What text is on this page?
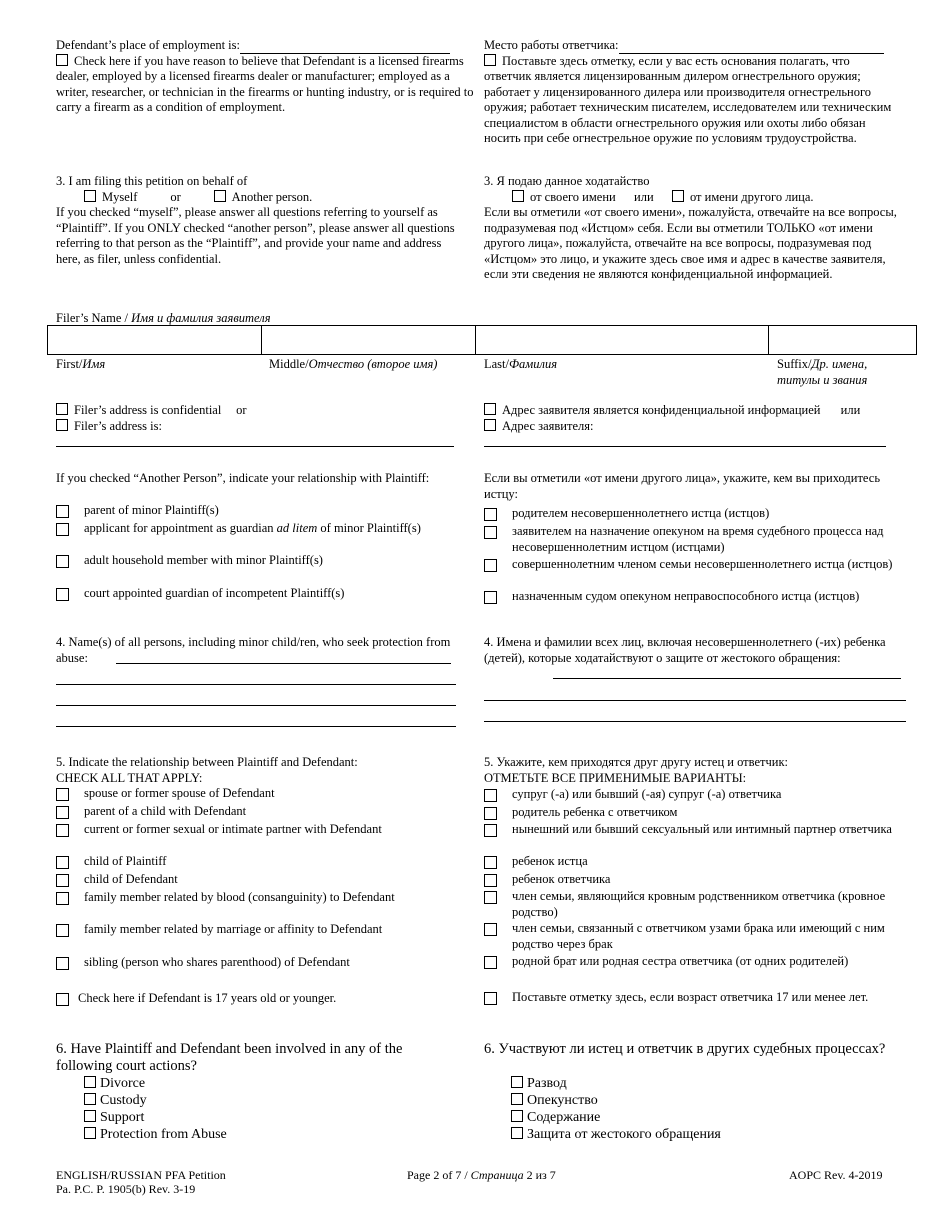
Defendant’s place of employment is:
Check here if you have reason to believe that Defendant is a licensed firearms dealer, employed by a licensed firearms dealer or manufacturer; employed as a writer, researcher, or technician in the firearms or hunting industry, or is required to carry a firearm as a condition of employment.
Место работы ответчика:
Поставьте здесь отметку, если у вас есть основания полагать, что ответчик является лицензированным дилером огнестрельного оружия; работает у лицензированного дилера или производителя огнестрельного оружия; работает техническим писателем, исследователем или техническим специалистом в области огнестрельного оружия или охоты либо обязан носить при себе огнестрельное оружие по условиям трудоустройства.
3. I am filing this petition on behalf of
Myself	or	Another person.
If you checked “myself”, please answer all questions referring to yourself as “Plaintiff”. If you ONLY checked “another person”, please answer all questions referring to that person as the “Plaintiff”, and provide your name and address here, as filer, unless confidential.
3. Я подаю данное ходатайство
от своего имени или	от имени другого лица.
Если вы отметили «от своего имени», пожалуйста, отвечайте на все вопросы, подразумевая под «Истцом» себя. Если вы отметили ТОЛЬКО «от имени другого лица», пожалуйста, отвечайте на все вопросы, подразумевая под «Истцом» это лицо, и укажите здесь свое имя и адрес в качестве заявителя, если эти сведения не являются конфиденциальной информацией.
Filer’s Name / Имя и фамилия заявителя
First/Имя	Middle/Отчество (второе имя)	Last/Фамилия	Suffix/Др. имена, титулы и звания
Filer’s address is confidential or
Filer’s address is:
Адрес заявителя является конфиденциальной информацией или
Адрес заявителя:
If you checked “Another Person”, indicate your relationship with Plaintiff:
parent of minor Plaintiff(s)
applicant for appointment as guardian ad litem of minor Plaintiff(s)
adult household member with minor Plaintiff(s)
court appointed guardian of incompetent Plaintiff(s)
Если вы отметили «от имени другого лица», укажите, кем вы приходитесь истцу:
родителем несовершеннолетнего истца (истцов)
заявителем на назначение опекуном на время судебного процесса над несовершеннолетним истцом (истцами)
совершеннолетним членом семьи несовершеннолетнего истца (истцов)
назначенным судом опекуном неправоспособного истца (истцов)
4. Name(s) of all persons, including minor child/ren, who seek protection from abuse:
4. Имена и фамилии всех лиц, включая несовершеннолетнего (-их) ребенка (детей), которые ходатайствуют о защите от жестокого обращения:
5. Indicate the relationship between Plaintiff and Defendant:
CHECK ALL THAT APPLY:
spouse or former spouse of Defendant
parent of a child with Defendant
current or former sexual or intimate partner with Defendant
child of Plaintiff
child of Defendant
family member related by blood (consanguinity) to Defendant
family member related by marriage or affinity to Defendant
sibling (person who shares parenthood) of Defendant
Check here if Defendant is 17 years old or younger.
5. Укажите, кем приходятся друг другу истец и ответчик:
ОТМЕТЬТЕ ВСЕ ПРИМЕНИМЫЕ ВАРИАНТЫ:
супруг (-а) или бывший (-ая) супруг (-а) ответчика
родитель ребенка с ответчиком
нынешний или бывший сексуальный или интимный партнер ответчика
ребенок истца
ребенок ответчика
член семьи, являющийся кровным родственником ответчика (кровное родство)
член семьи, связанный с ответчиком узами брака или имеющий с ним родство через брак
родной брат или родная сестра ответчика (от одних родителей)
Поставьте отметку здесь, если возраст ответчика 17 или менее лет.
6. Have Plaintiff and Defendant been involved in any of the following court actions?
Divorce
Custody
Support
Protection from Abuse
6. Участвуют ли истец и ответчик в других судебных процессах?
Развод
Опекунство
Содержание
Защита от жестокого обращения
ENGLISH/RUSSIAN PFA Petition
Pa. P.C. P. 1905(b) Rev. 3-19
Page 2 of 7 / Страница 2 из 7	AOPC Rev. 4-2019
